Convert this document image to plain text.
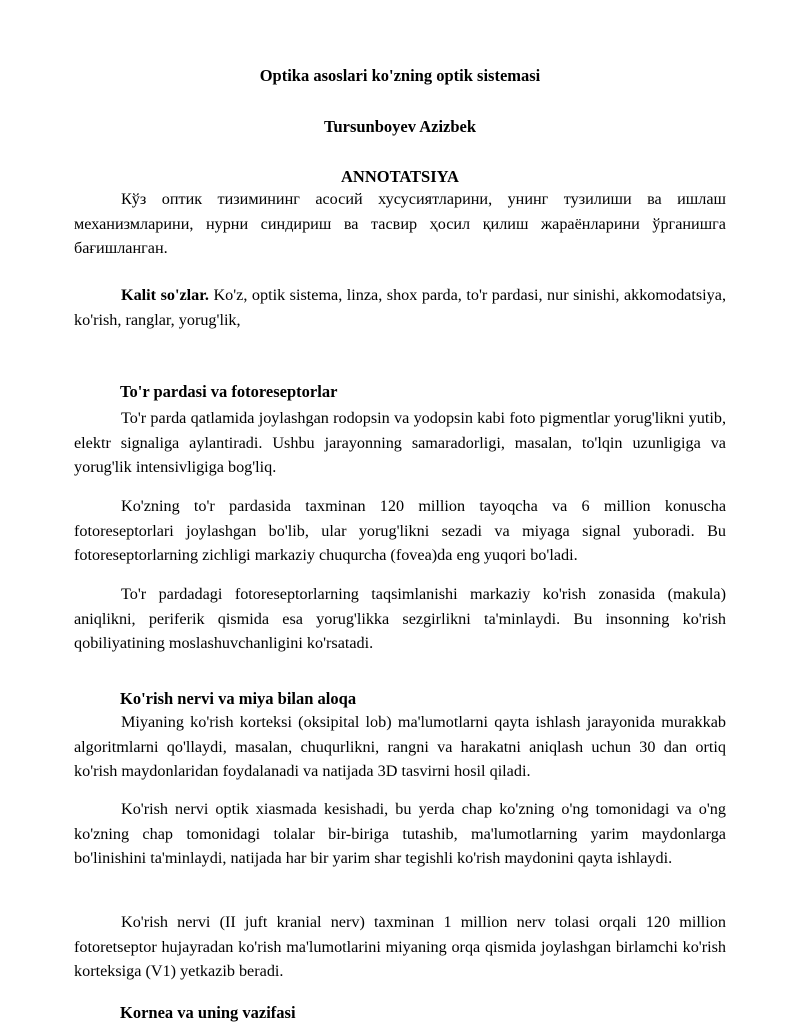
Optika asoslari ko'zning optik sistemasi
Tursunboyev Azizbek
ANNOTATSIYA

Кўз оптик тизимининг асосий хусусиятларини, унинг тузилиши ва ишлаш механизмларини, нурни синдириш ва тасвир ҳосил қилиш жараёнларини ўрганишга бағишланган.

Kalit so'zlar. Ko'z, optik sistema, linza, shox parda, to'r pardasi, nur sinishi, akkomodatsiya, ko'rish, ranglar, yorug'lik,

To'r pardasi va fotoreseptorlar

To'r parda qatlamida joylashgan rodopsin va yodopsin kabi foto pigmentlar yorug'likni yutib, elektr signaliga aylantiradi. Ushbu jarayonning samaradorligi, masalan, to'lqin uzunligiga va yorug'lik intensivligiga bog'liq.

Ko'zning to'r pardasida taxminan 120 million tayoqcha va 6 million konuscha fotoreseptorlari joylashgan bo'lib, ular yorug'likni sezadi va miyaga signal yuboradi. Bu fotoreseptorlarning zichligi markaziy chuqurcha (fovea)da eng yuqori bo'ladi.

To'r pardadagi fotoreseptorlarning taqsimlanishi markaziy ko'rish zonasida (makula) aniqlikni, periferik qismida esa yorug'likka sezgirlikni ta'minlaydi. Bu insonning ko'rish qobiliyatining moslashuvchanligini ko'rsatadi.

Ko'rish nervi va miya bilan aloqa

Miyaning ko'rish korteksi (oksipital lob) ma'lumotlarni qayta ishlash jarayonida murakkab algoritmlarni qo'llaydi, masalan, chuqurlikni, rangni va harakatni aniqlash uchun 30 dan ortiq ko'rish maydonlaridan foydalanadi va natijada 3D tasvirni hosil qiladi.

Ko'rish nervi optik xiasmada kesishadi, bu yerda chap ko'zning o'ng tomonidagi va o'ng ko'zning chap tomonidagi tolalar bir-biriga tutashib, ma'lumotlarning yarim maydonlarga bo'linishini ta'minlaydi, natijada har bir yarim shar tegishli ko'rish maydonini qayta ishlaydi.

Ko'rish nervi (II juft kranial nerv) taxminan 1 million nerv tolasi orqali 120 million fotoretseptor hujayradan ko'rish ma'lumotlarini miyaning orqa qismida joylashgan birlamchi ko'rish korteksiga (V1) yetkazib beradi.

Kornea va uning vazifasi
